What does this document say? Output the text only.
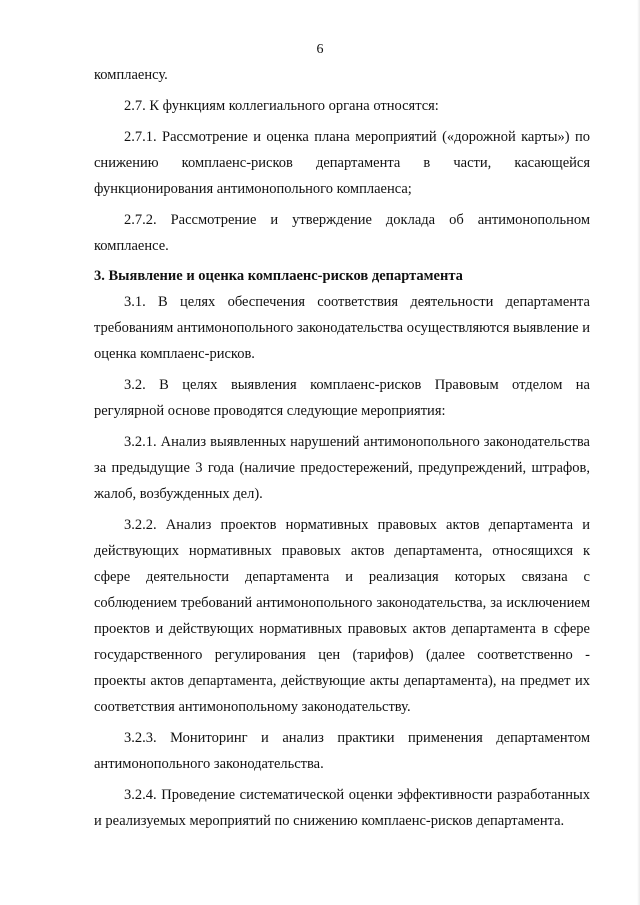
6

комплаенсу.

2.7. К функциям коллегиального органа относятся:

2.7.1. Рассмотрение и оценка плана мероприятий («дорожной карты») по снижению комплаенс-рисков департамента в части, касающейся функционирования антимонопольного комплаенса;

2.7.2. Рассмотрение и утверждение доклада об антимонопольном комплаенсе.

3. Выявление и оценка комплаенс-рисков департамента

3.1. В целях обеспечения соответствия деятельности департамента требованиям антимонопольного законодательства осуществляются выявление и оценка комплаенс-рисков.

3.2. В целях выявления комплаенс-рисков Правовым отделом на регулярной основе проводятся следующие мероприятия:

3.2.1. Анализ выявленных нарушений антимонопольного законодательства за предыдущие 3 года (наличие предостережений, предупреждений, штрафов, жалоб, возбужденных дел).

3.2.2. Анализ проектов нормативных правовых актов департамента и действующих нормативных правовых актов департамента, относящихся к сфере деятельности департамента и реализация которых связана с соблюдением требований антимонопольного законодательства, за исключением проектов и действующих нормативных правовых актов департамента в сфере государственного регулирования цен (тарифов) (далее соответственно - проекты актов департамента, действующие акты департамента), на предмет их соответствия антимонопольному законодательству.

3.2.3. Мониторинг и анализ практики применения департаментом антимонопольного законодательства.

3.2.4. Проведение систематической оценки эффективности разработанных и реализуемых мероприятий по снижению комплаенс-рисков департамента.
